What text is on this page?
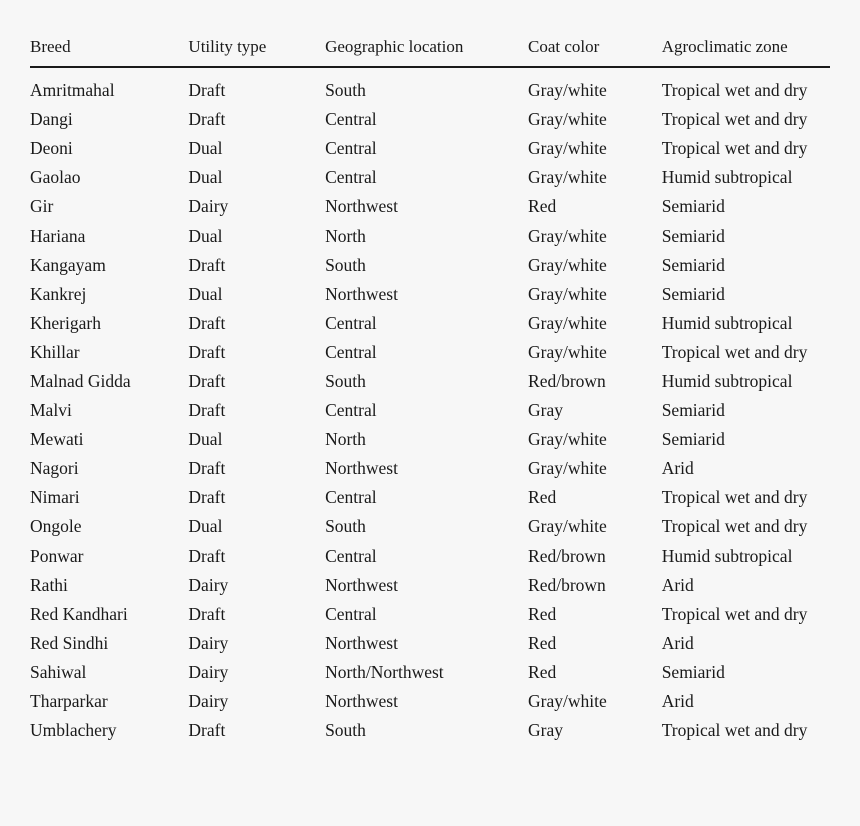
Breed	Utility type	Geographic location	Coat color	Agroclimatic zone
Amritmahal	Draft	South	Gray/white	Tropical wet and dry
Dangi	Draft	Central	Gray/white	Tropical wet and dry
Deoni	Dual	Central	Gray/white	Tropical wet and dry
Gaolao	Dual	Central	Gray/white	Humid subtropical
Gir	Dairy	Northwest	Red	Semiarid
Hariana	Dual	North	Gray/white	Semiarid
Kangayam	Draft	South	Gray/white	Semiarid
Kankrej	Dual	Northwest	Gray/white	Semiarid
Kherigarh	Draft	Central	Gray/white	Humid subtropical
Khillar	Draft	Central	Gray/white	Tropical wet and dry
Malnad Gidda	Draft	South	Red/brown	Humid subtropical
Malvi	Draft	Central	Gray	Semiarid
Mewati	Dual	North	Gray/white	Semiarid
Nagori	Draft	Northwest	Gray/white	Arid
Nimari	Draft	Central	Red	Tropical wet and dry
Ongole	Dual	South	Gray/white	Tropical wet and dry
Ponwar	Draft	Central	Red/brown	Humid subtropical
Rathi	Dairy	Northwest	Red/brown	Arid
Red Kandhari	Draft	Central	Red	Tropical wet and dry
Red Sindhi	Dairy	Northwest	Red	Arid
Sahiwal	Dairy	North/Northwest	Red	Semiarid
Tharparkar	Dairy	Northwest	Gray/white	Arid
Umblachery	Draft	South	Gray	Tropical wet and dry
